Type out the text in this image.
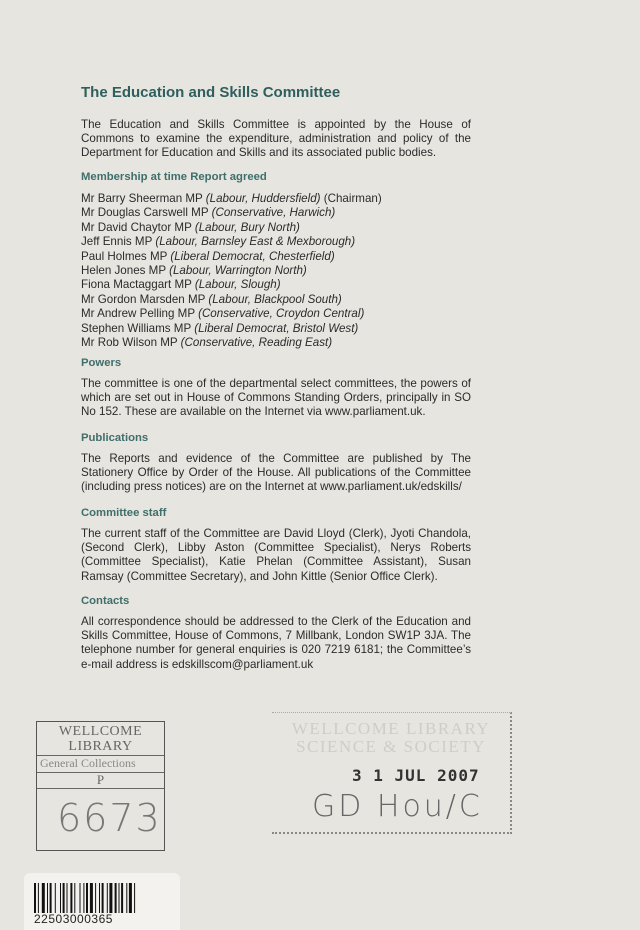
The Education and Skills Committee

The Education and Skills Committee is appointed by the House of Commons to examine the expenditure, administration and policy of the Department for Education and Skills and its associated public bodies.

Membership at time Report agreed
Mr Barry Sheerman MP (Labour, Huddersfield) (Chairman)
Mr Douglas Carswell MP (Conservative, Harwich)
Mr David Chaytor MP (Labour, Bury North)
Jeff Ennis MP (Labour, Barnsley East & Mexborough)
Paul Holmes MP (Liberal Democrat, Chesterfield)
Helen Jones MP (Labour, Warrington North)
Fiona Mactaggart MP (Labour, Slough)
Mr Gordon Marsden MP (Labour, Blackpool South)
Mr Andrew Pelling MP (Conservative, Croydon Central)
Stephen Williams MP (Liberal Democrat, Bristol West)
Mr Rob Wilson MP (Conservative, Reading East)
Powers

The committee is one of the departmental select committees, the powers of which are set out in House of Commons Standing Orders, principally in SO No 152. These are available on the Internet via www.parliament.uk.

Publications

The Reports and evidence of the Committee are published by The Stationery Office by Order of the House. All publications of the Committee (including press notices) are on the Internet at www.parliament.uk/edskills/

Committee staff

The current staff of the Committee are David Lloyd (Clerk), Jyoti Chandola, (Second Clerk), Libby Aston (Committee Specialist), Nerys Roberts (Committee Specialist), Katie Phelan (Committee Assistant), Susan Ramsay (Committee Secretary), and John Kittle (Senior Office Clerk).

Contacts

All correspondence should be addressed to the Clerk of the Education and Skills Committee, House of Commons, 7 Millbank, London SW1P 3JA. The telephone number for general enquiries is 020 7219 6181; the Committee’s e-mail address is edskillscom@parliament.uk

WELLCOME
LIBRARY
General Collections
P
6673
WELLCOME LIBRARY
SCIENCE & SOCIETY
3 1 JUL 2007
GD Hou/C
22503000365
